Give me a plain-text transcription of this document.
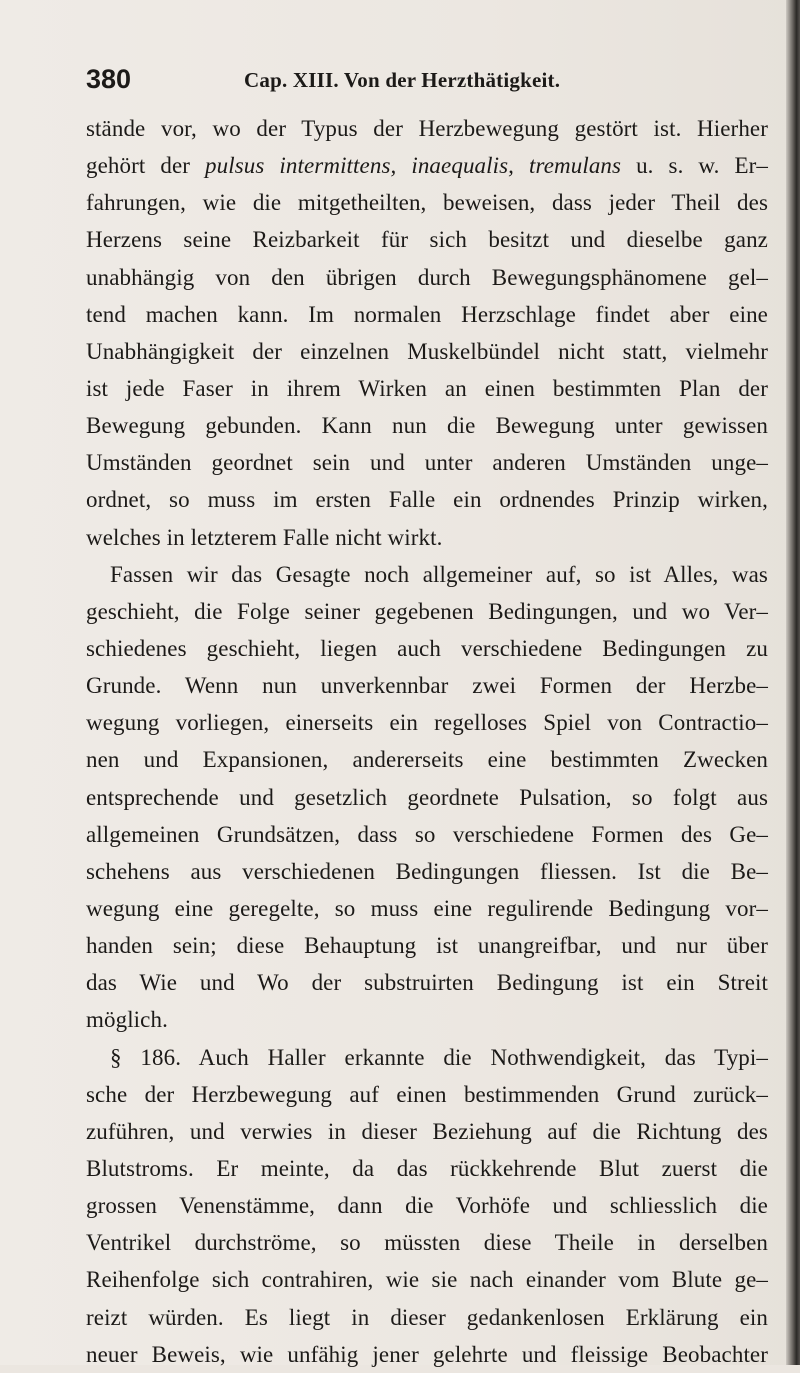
380	Cap. XIII. Von der Herzthätigkeit.
stände vor, wo der Typus der Herzbewegung gestört ist. Hierher
gehört der pulsus intermittens, inaequalis, tremulans u. s. w. Er–
fahrungen, wie die mitgetheilten, beweisen, dass jeder Theil des
Herzens seine Reizbarkeit für sich besitzt und dieselbe ganz
unabhängig von den übrigen durch Bewegungsphänomene gel–
tend machen kann. Im normalen Herzschlage findet aber eine
Unabhängigkeit der einzelnen Muskelbündel nicht statt, vielmehr
ist jede Faser in ihrem Wirken an einen bestimmten Plan der
Bewegung gebunden. Kann nun die Bewegung unter gewissen
Umständen geordnet sein und unter anderen Umständen unge–
ordnet, so muss im ersten Falle ein ordnendes Prinzip wirken,
welches in letzterem Falle nicht wirkt.
Fassen wir das Gesagte noch allgemeiner auf, so ist Alles, was
geschieht, die Folge seiner gegebenen Bedingungen, und wo Ver–
schiedenes geschieht, liegen auch verschiedene Bedingungen zu
Grunde. Wenn nun unverkennbar zwei Formen der Herzbe–
wegung vorliegen, einerseits ein regelloses Spiel von Contractio–
nen und Expansionen, andererseits eine bestimmten Zwecken
entsprechende und gesetzlich geordnete Pulsation, so folgt aus
allgemeinen Grundsätzen, dass so verschiedene Formen des Ge–
schehens aus verschiedenen Bedingungen fliessen. Ist die Be–
wegung eine geregelte, so muss eine regulirende Bedingung vor–
handen sein; diese Behauptung ist unangreifbar, und nur über
das Wie und Wo der substruirten Bedingung ist ein Streit
möglich.
§ 186. Auch Haller erkannte die Nothwendigkeit, das Typi–
sche der Herzbewegung auf einen bestimmenden Grund zurück–
zuführen, und verwies in dieser Beziehung auf die Richtung des
Blutstroms. Er meinte, da das rückkehrende Blut zuerst die
grossen Venenstämme, dann die Vorhöfe und schliesslich die
Ventrikel durchströme, so müssten diese Theile in derselben
Reihenfolge sich contrahiren, wie sie nach einander vom Blute ge–
reizt würden. Es liegt in dieser gedankenlosen Erklärung ein
neuer Beweis, wie unfähig jener gelehrte und fleissige Beobachter
